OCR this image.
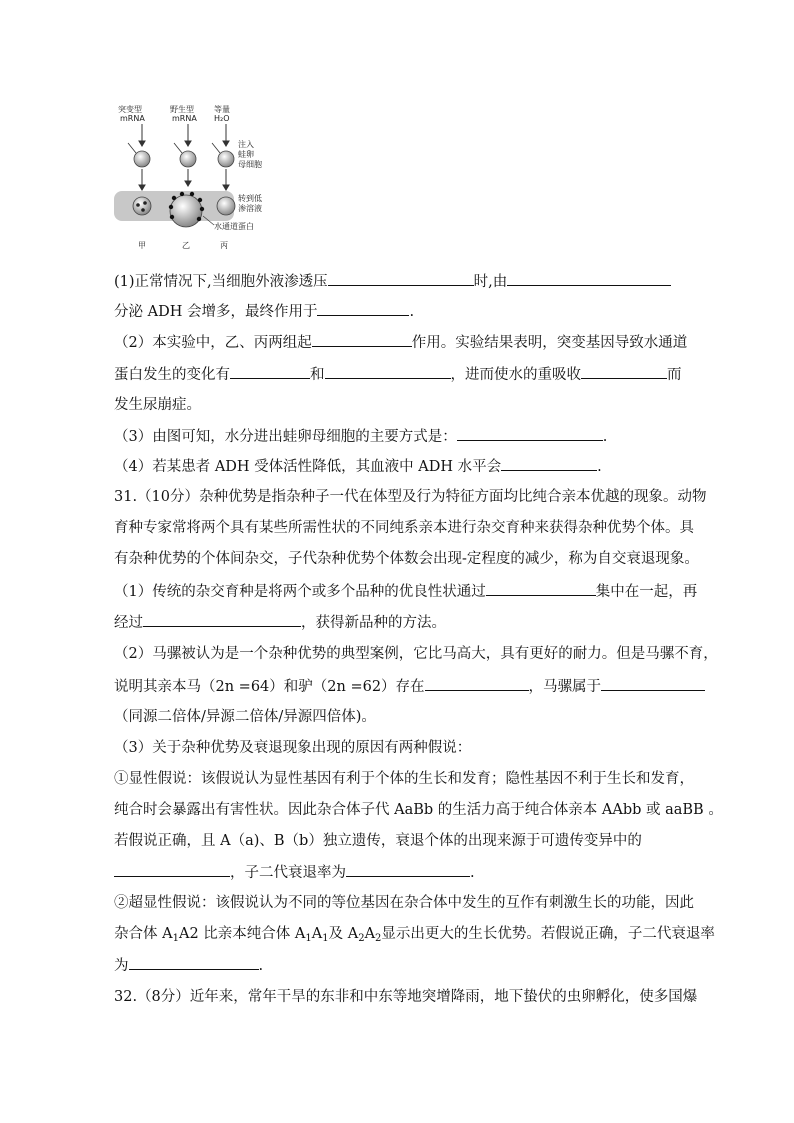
突变型
mRNA
野生型
mRNA
等量
H₂O
注入
蛙卵
母细胞
转到低
渗溶液
水通道蛋白
甲	乙	丙
(1)正常情况下,当细胞外液渗透压	时,由
分泌 ADH 会增多，最终作用于	.
（2）本实验中，乙、丙两组起	作用。实验结果表明，突变基因导致水通道
蛋白发生的变化有	和	，进而使水的重吸收	而
发生尿崩症。
（3）由图可知，水分进出蛙卵母细胞的主要方式是：	.
（4）若某患者 ADH 受体活性降低，其血液中 ADH 水平会	.
31.（10分）杂种优势是指杂种子一代在体型及行为特征方面均比纯合亲本优越的现象。动物
育种专家常将两个具有某些所需性状的不同纯系亲本进行杂交育种来获得杂种优势个体。具
有杂种优势的个体间杂交，子代杂种优势个体数会出现-定程度的减少，称为自交衰退现象。
（1）传统的杂交育种是将两个或多个品种的优良性状通过	集中在一起，再
经过	，获得新品种的方法。
（2）马骡被认为是一个杂种优势的典型案例，它比马高大，具有更好的耐力。但是马骡不育，
说明其亲本马（2n =64）和驴（2n =62）存在	，马骡属于
（同源二倍体/异源二倍体/异源四倍体)。
（3）关于杂种优势及衰退现象出现的原因有两种假说：
①显性假说：该假说认为显性基因有利于个体的生长和发育；隐性基因不利于生长和发育，
纯合时会暴露出有害性状。因此杂合体子代 AaBb 的生活力高于纯合体亲本 AAbb 或 aaBB 。
若假说正确，且 A（a)、B（b）独立遗传，衰退个体的出现来源于可遗传变异中的
，子二代衰退率为	.
②超显性假说：该假说认为不同的等位基因在杂合体中发生的互作有刺激生长的功能，因此
杂合体 $A_1A2$ 比亲本纯合体 $A_1A_1$及 $A_2A_2$显示出更大的生长优势。若假说正确，子二代衰退率
为	.
32.（8分）近年来，常年干旱的东非和中东等地突增降雨，地下蛰伏的虫卵孵化，使多国爆
